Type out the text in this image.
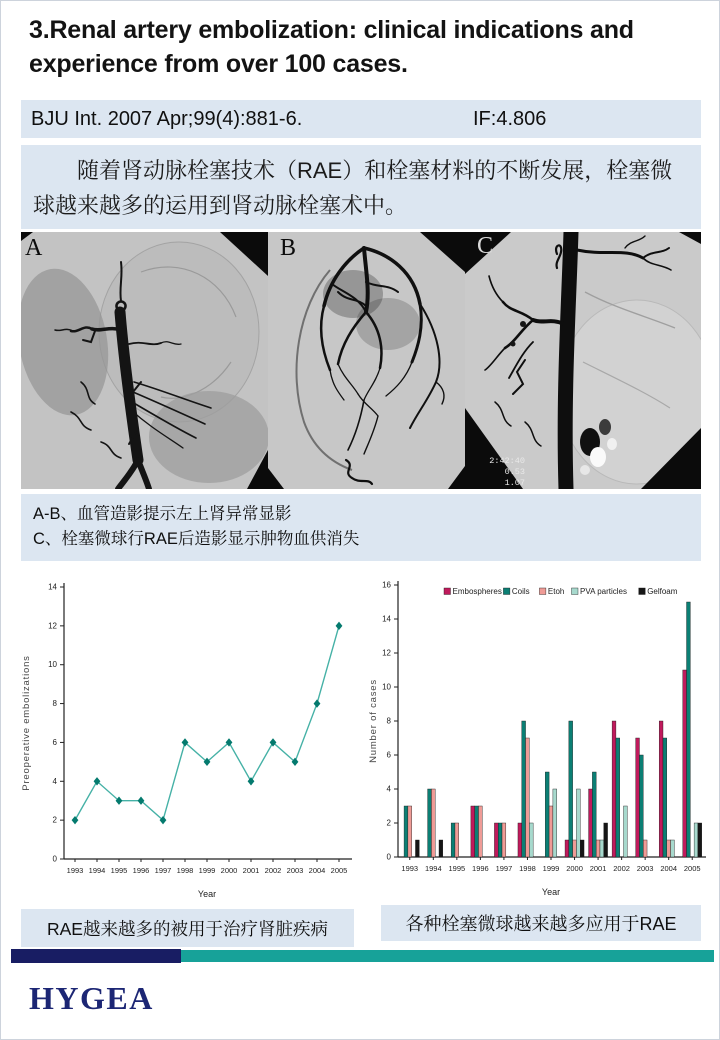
3.Renal artery embolization: clinical indications and experience from over 100 cases.
BJU Int. 2007 Apr;99(4):881-6.	IF:4.806

随着肾动脉栓塞技术（RAE）和栓塞材料的不断发展，栓塞微球越来越多的运用到肾动脉栓塞术中。

A	B	C
2:42:40
0.53
1.07
A-B、血管造影提示左上肾异常显影
C、栓塞微球行RAE后造影显示肿物血供消失
0
2
4
6
8
10
12
14
1993 1994 1995 1996 1997 1998 1999 2000 2001 2002 2003 2004 2005
Year
Preoperative embolizations
0
2
4
6
8
10
12
14
16
1993 1994 1995 1996 1997 1998 1999 2000 2001 2002 2003 2004 2005
Embospheres Coils Etoh PVA particles	Gelfoam
Year
Number of cases
RAE越来越多的被用于治疗肾脏疾病	各种栓塞微球越来越多应用于RAE
HYGEA
